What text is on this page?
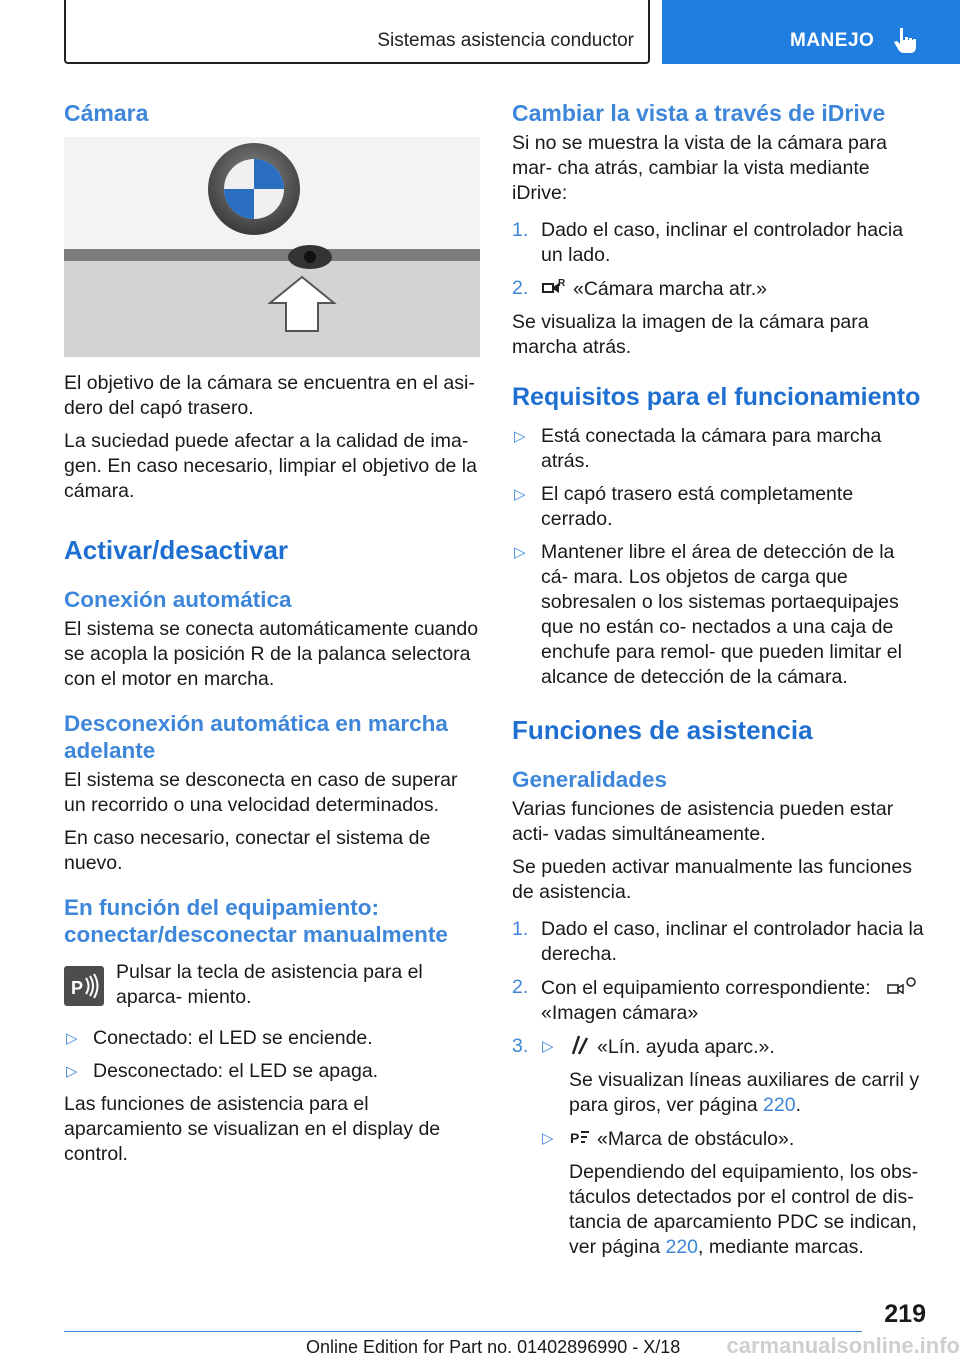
Sistemas asistencia conductor	MANEJO
Cámara
El objetivo de la cámara se encuentra en el asi‐ dero del capó trasero.
La suciedad puede afectar a la calidad de ima‐ gen. En caso necesario, limpiar el objetivo de la cámara.
Activar/desactivar
Conexión automática
El sistema se conecta automáticamente cuando se acopla la posición R de la palanca selectora con el motor en marcha.
Desconexión automática en marcha adelante
El sistema se desconecta en caso de superar un recorrido o una velocidad determinados.
En caso necesario, conectar el sistema de nuevo.
En función del equipamiento: conectar/desconectar manualmente
P
Pulsar la tecla de asistencia para el aparca‐ miento.
▷ Conectado: el LED se enciende.
▷ Desconectado: el LED se apaga.
Las funciones de asistencia para el aparcamiento se visualizan en el display de control.
Cambiar la vista a través de iDrive
Si no se muestra la vista de la cámara para mar‐ cha atrás, cambiar la vista mediante iDrive:
1. Dado el caso, inclinar el controlador hacia un lado.
2.	R «Cámara marcha atr.»
Se visualiza la imagen de la cámara para marcha atrás.
Requisitos para el funcionamiento
▷ Está conectada la cámara para marcha atrás.
▷ El capó trasero está completamente cerrado.
▷ Mantener libre el área de detección de la cá‐ mara. Los objetos de carga que sobresalen o los sistemas portaequipajes que no están co‐ nectados a una caja de enchufe para remol‐ que pueden limitar el alcance de detección de la cámara.
Funciones de asistencia
Generalidades
Varias funciones de asistencia pueden estar acti‐ vadas simultáneamente.
Se pueden activar manualmente las funciones de asistencia.
1. Dado el caso, inclinar el controlador hacia la derecha.
2. Con el equipamiento correspondiente:
«Imagen cámara»
3. ▷ «Lín. ayuda aparc.».
Se visualizan líneas auxiliares de carril y para giros, ver página 220.
▷ P «Marca de obstáculo».
Dependiendo del equipamiento, los obs‐ táculos detectados por el control de dis‐ tancia de aparcamiento PDC se indican, ver página 220, mediante marcas.
219
Online Edition for Part no. 01402896990 - X/18 carmanualsonline.info
